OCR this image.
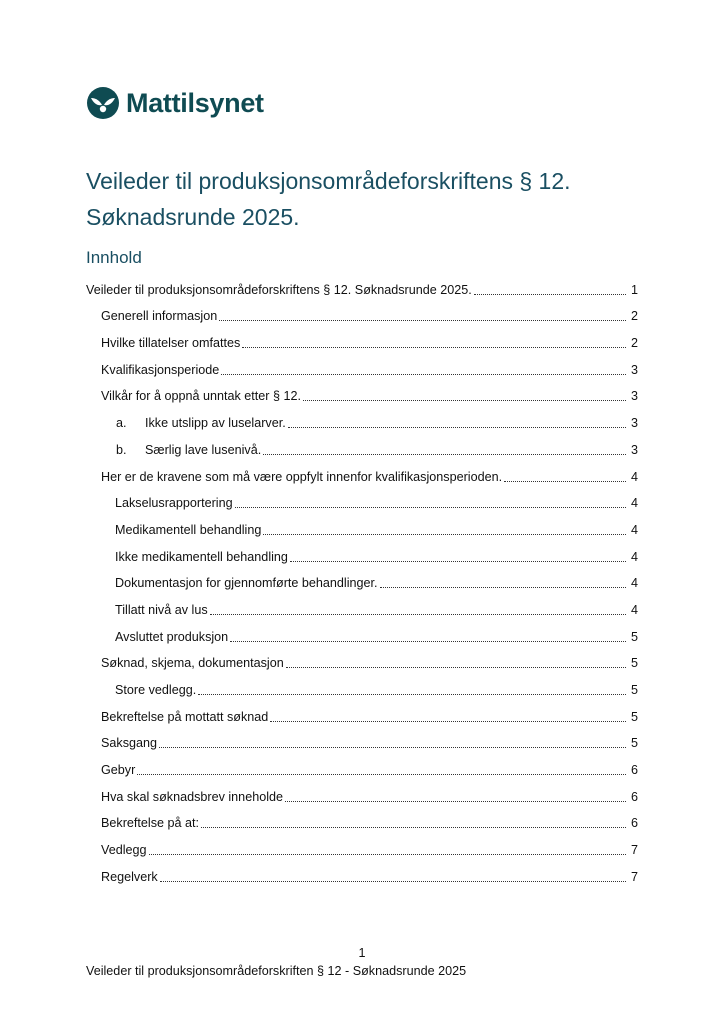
Mattilsynet
Veileder til produksjonsområdeforskriftens § 12.
Søknadsrunde 2025.
Innhold
Veileder til produksjonsområdeforskriftens § 12. Søknadsrunde 2025.	1
Generell informasjon	2
Hvilke tillatelser omfattes	2
Kvalifikasjonsperiode	3
Vilkår for å oppnå unntak etter § 12.	3
a.	Ikke utslipp av luselarver.	3
b.	Særlig lave lusenivå.	3
Her er de kravene som må være oppfylt innenfor kvalifikasjonsperioden.	4
Lakselusrapportering	4
Medikamentell behandling	4
Ikke medikamentell behandling	4
Dokumentasjon for gjennomførte behandlinger.	4
Tillatt nivå av lus	4
Avsluttet produksjon	5
Søknad, skjema, dokumentasjon	5
Store vedlegg.	5
Bekreftelse på mottatt søknad	5
Saksgang	5
Gebyr	6
Hva skal søknadsbrev inneholde	6
Bekreftelse på at:	6
Vedlegg	7
Regelverk	7
1
Veileder til produksjonsområdeforskriften § 12 - Søknadsrunde 2025
